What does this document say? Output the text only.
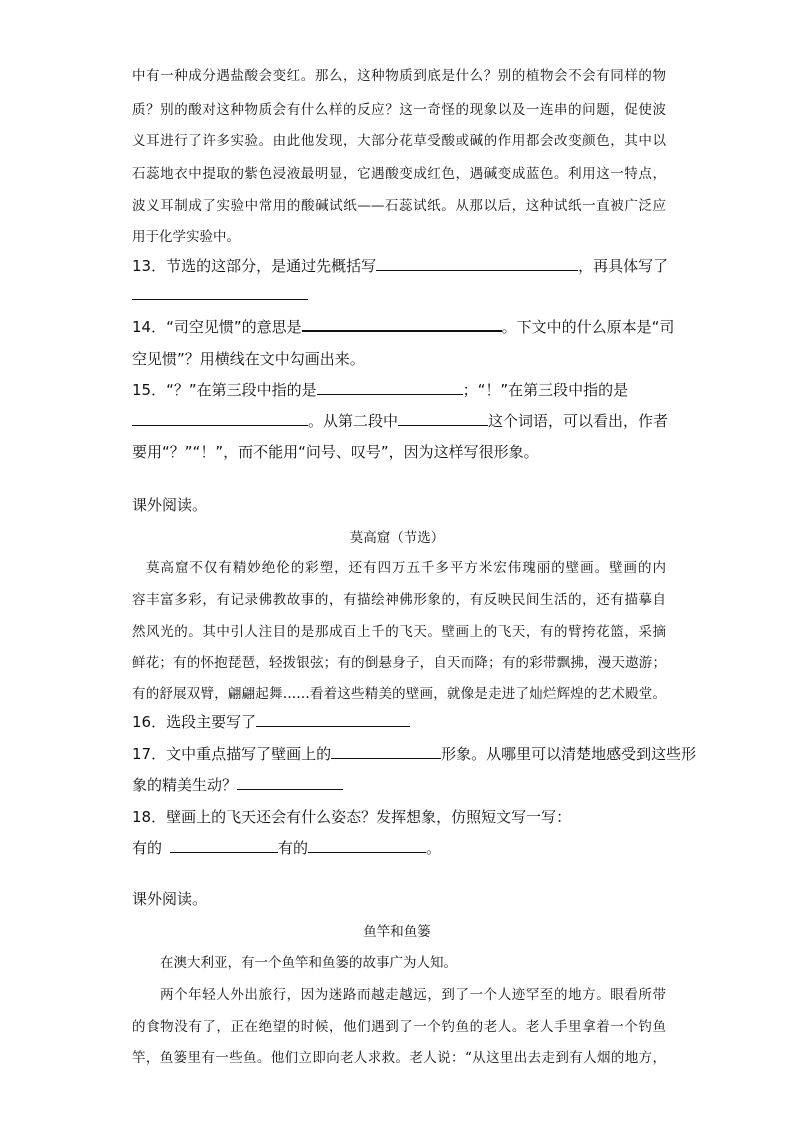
中有一种成分遇盐酸会变红。那么，这种物质到底是什么？别的植物会不会有同样的物
质？别的酸对这种物质会有什么样的反应？这一奇怪的现象以及一连串的问题，促使波
义耳进行了许多实验。由此他发现，大部分花草受酸或碱的作用都会改变颜色，其中以
石蕊地衣中提取的紫色浸液最明显，它遇酸变成红色，遇碱变成蓝色。利用这一特点，
波义耳制成了实验中常用的酸碱试纸——石蕊试纸。从那以后，这种试纸一直被广泛应
用于化学实验中。
13．节选的这部分，是通过先概括写	，再具体写了
14．“司空见惯”的意思是	。下文中的什么原本是“司
空见惯”？用横线在文中勾画出来。
15．“？”在第三段中指的是	；“！”在第三段中指的是
。从第二段中	这个词语，可以看出，作者
要用“？”“！”，而不能用“问号、叹号”，因为这样写很形象。
课外阅读。
莫高窟（节选）
莫高窟不仅有精妙绝伦的彩塑，还有四万五千多平方米宏伟瑰丽的壁画。壁画的内
容丰富多彩，有记录佛教故事的，有描绘神佛形象的，有反映民间生活的，还有描摹自
然风光的。其中引人注目的是那成百上千的飞天。壁画上的飞天，有的臂挎花篮，采摘
鲜花；有的怀抱琵琶，轻拨银弦；有的倒悬身子，自天而降；有的彩带飘拂，漫天遨游；
有的舒展双臂，翩翩起舞……看着这些精美的壁画，就像是走进了灿烂辉煌的艺术殿堂。
16．选段主要写了
17．文中重点描写了壁画上的	形象。从哪里可以清楚地感受到这些形
象的精美生动？
18．壁画上的飞天还会有什么姿态？发挥想象，仿照短文写一写：
有的	有的	。
课外阅读。
鱼竿和鱼篓
在澳大利亚，有一个鱼竿和鱼篓的故事广为人知。
两个年轻人外出旅行，因为迷路而越走越远，到了一个人迹罕至的地方。眼看所带
的食物没有了，正在绝望的时候，他们遇到了一个钓鱼的老人。老人手里拿着一个钓鱼
竿，鱼篓里有一些鱼。他们立即向老人求救。老人说：“从这里出去走到有人烟的地方，
